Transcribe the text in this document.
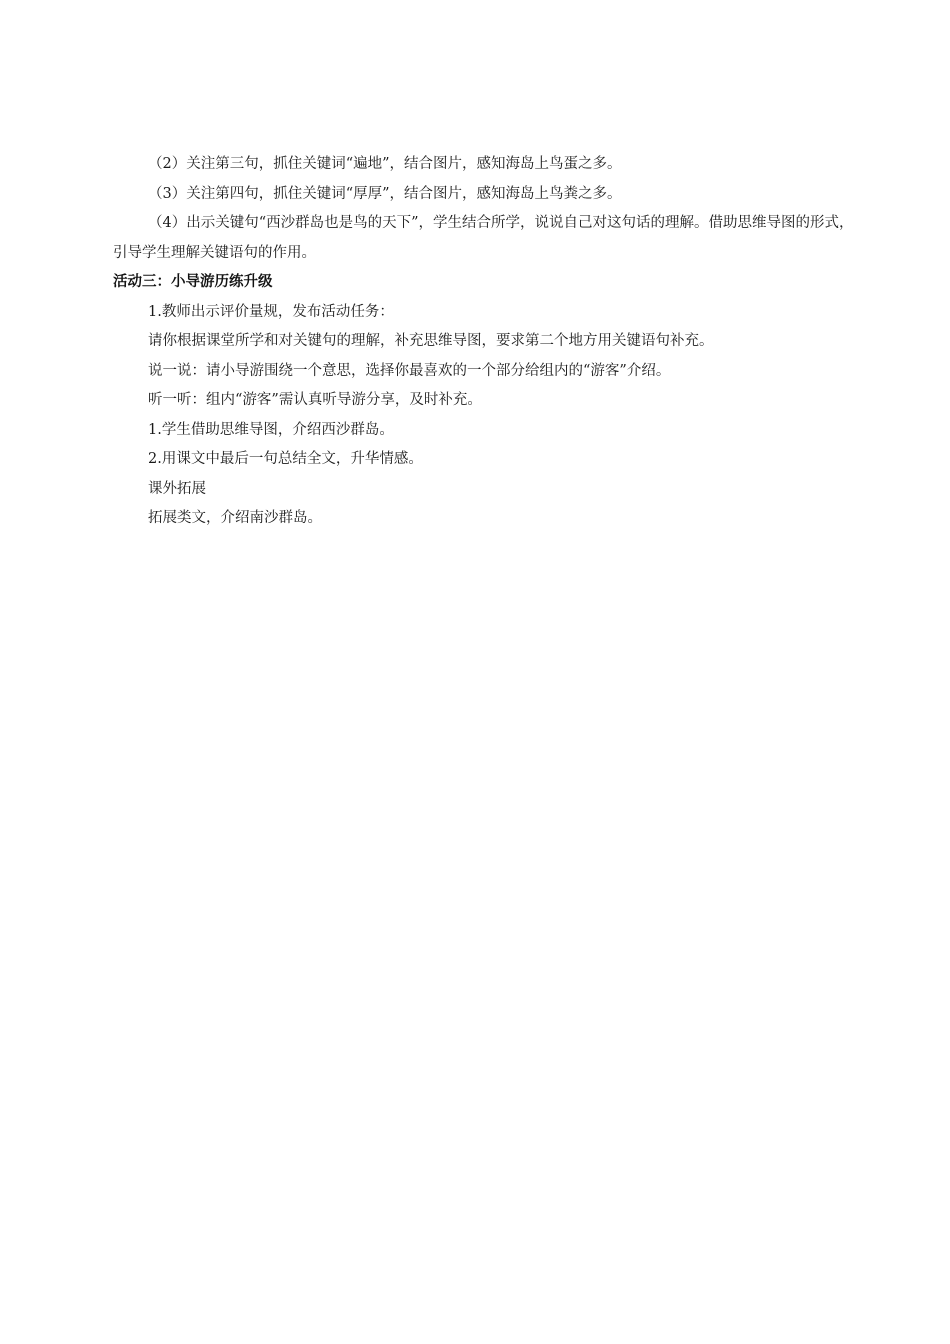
（2）关注第三句，抓住关键词“遍地”，结合图片，感知海岛上鸟蛋之多。

（3）关注第四句，抓住关键词“厚厚”，结合图片，感知海岛上鸟粪之多。

（4）出示关键句“西沙群岛也是鸟的天下”，学生结合所学，说说自己对这句话的理解。借助思维导图的形式，引导学生理解关键语句的作用。

活动三：小导游历练升级

1.教师出示评价量规，发布活动任务：

请你根据课堂所学和对关键句的理解，补充思维导图，要求第二个地方用关键语句补充。

说一说：请小导游围绕一个意思，选择你最喜欢的一个部分给组内的“游客”介绍。

听一听：组内“游客”需认真听导游分享，及时补充。

1.学生借助思维导图，介绍西沙群岛。

2.用课文中最后一句总结全文，升华情感。

课外拓展

拓展类文，介绍南沙群岛。
